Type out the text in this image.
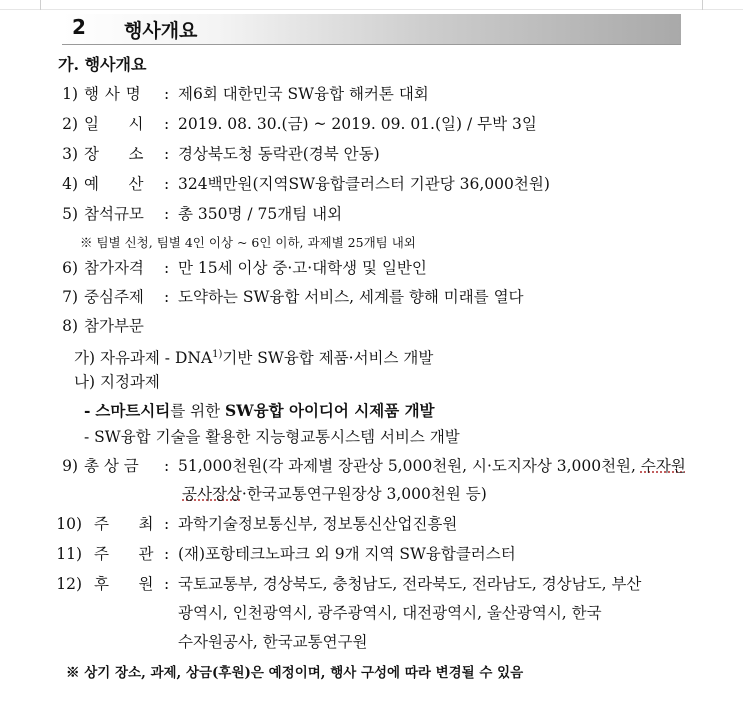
2 행사개요
가. 행사개요
1) 행 사 명 : 제6회 대한민국 SW융합 해커톤 대회
2) 일      시 : 2019. 08. 30.(금) ~ 2019. 09. 01.(일) / 무박 3일
3) 장      소 : 경상북도청 동락관(경북 안동)
4) 예      산 : 324백만원(지역SW융합클러스터 기관당 36,000천원)
5) 참석규모 : 총 350명 / 75개팀 내외
※ 팀별 신청, 팀별 4인 이상 ~ 6인 이하, 과제별 25개팀 내외
6) 참가자격 : 만 15세 이상 중·고·대학생 및 일반인
7) 중심주제 : 도약하는 SW융합 서비스, 세계를 향해 미래를 열다
8) 참가부문
가) 자유과제 - DNA$^{1)}$기반 SW융합 제품·서비스 개발
나) 지정과제
- 스마트시티를 위한 SW융합 아이디어 시제품 개발
- SW융합 기술을 활용한 지능형교통시스템 서비스 개발
9) 총 상 금 : 51,000천원(각 과제별 장관상 5,000천원, 시·도지자상 3,000천원, 수자원
공사장상·한국교통연구원장상 3,000천원 등)
10) 주      최 : 과학기술정보통신부, 정보통신산업진흥원
11) 주      관 : (재)포항테크노파크 외 9개 지역 SW융합클러스터
12) 후      원 : 국토교통부, 경상북도, 충청남도, 전라북도, 전라남도, 경상남도, 부산
광역시, 인천광역시, 광주광역시, 대전광역시, 울산광역시, 한국
수자원공사, 한국교통연구원
※ 상기 장소, 과제, 상금(후원)은 예정이며, 행사 구성에 따라 변경될 수 있음
